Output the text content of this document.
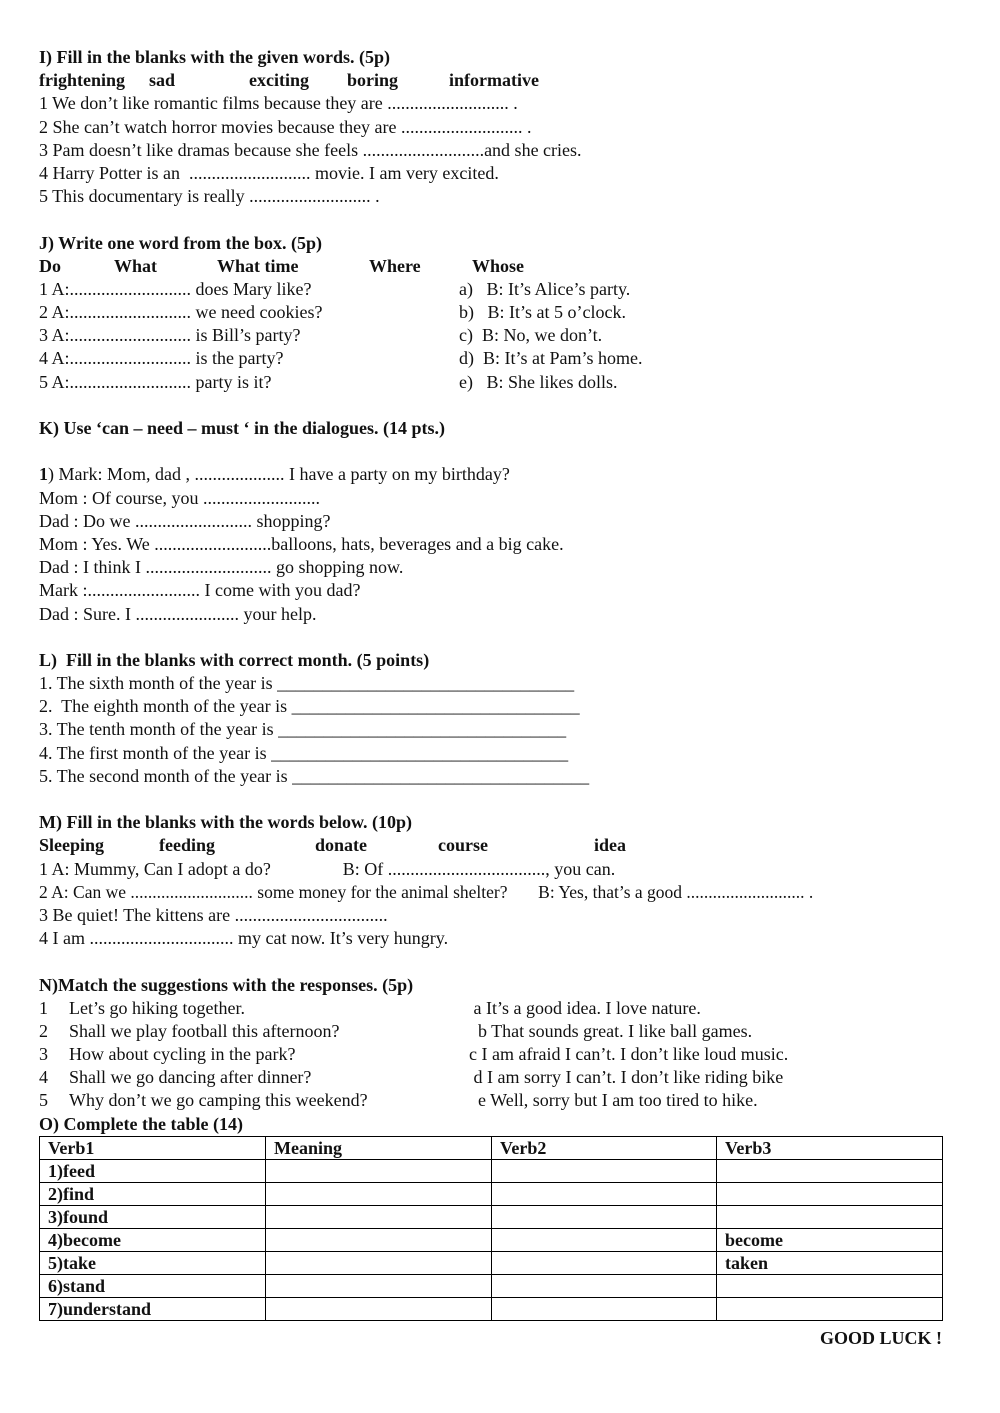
I) Fill in the blanks with the given words. (5p)
frightening	sad	exciting	boring	informative
1 We don’t like romantic films because they are ........................... .
2 She can’t watch horror movies because they are ........................... .
3 Pam doesn’t like dramas because she feels ...........................and she cries.
4 Harry Potter is an  ........................... movie. I am very excited.
5 This documentary is really ........................... .
J) Write one word from the box. (5p)
Do	What	What time	Where	Whose
1 A:........................... does Mary like?	a)   B: It’s Alice’s party.
2 A:........................... we need cookies?	b)   B: It’s at 5 o’clock.
3 A:........................... is Bill’s party?	c)  B: No, we don’t.
4 A:........................... is the party?	d)  B: It’s at Pam’s home.
5 A:........................... party is it?	e)   B: She likes dolls.
K) Use ‘can – need – must ‘ in the dialogues. (14 pts.)
1) Mark: Mom, dad , .................... I have a party on my birthday?
Mom : Of course, you ..........................
Dad : Do we .......................... shopping?
Mom : Yes. We ..........................balloons, hats, beverages and a big cake.
Dad : I think I ............................ go shopping now.
Mark :......................... I come with you dad?
Dad : Sure. I ....................... your help.
L)  Fill in the blanks with correct month. (5 points)
1. The sixth month of the year is _________________________________
2.  The eighth month of the year is ________________________________
3. The tenth month of the year is ________________________________
4. The first month of the year is _________________________________
5. The second month of the year is _________________________________
M) Fill in the blanks with the words below. (10p)
Sleeping	feeding	donate	course	idea
1 A: Mummy, Can I adopt a do?                B: Of ..................................., you can.
2 A: Can we ............................ some money for the animal shelter?       B: Yes, that’s a good ........................... .
3 Be quiet! The kittens are ..................................
4 I am ................................ my cat now. It’s very hungry.
N)Match the suggestions with the responses. (5p)
1	Let’s go hiking together.	a It’s a good idea. I love nature.
2	Shall we play football this afternoon?	b That sounds great. I like ball games.
3	How about cycling in the park?	c I am afraid I can’t. I don’t like loud music.
4	Shall we go dancing after dinner?	d I am sorry I can’t. I don’t like riding bike
5	Why don’t we go camping this weekend?	e Well, sorry but I am too tired to hike.
O) Complete the table (14)
Verb1	Meaning	Verb2	Verb3
1)feed			
2)find			
3)found			
4)become			become
5)take			taken
6)stand			
7)understand			
GOOD LUCK !
